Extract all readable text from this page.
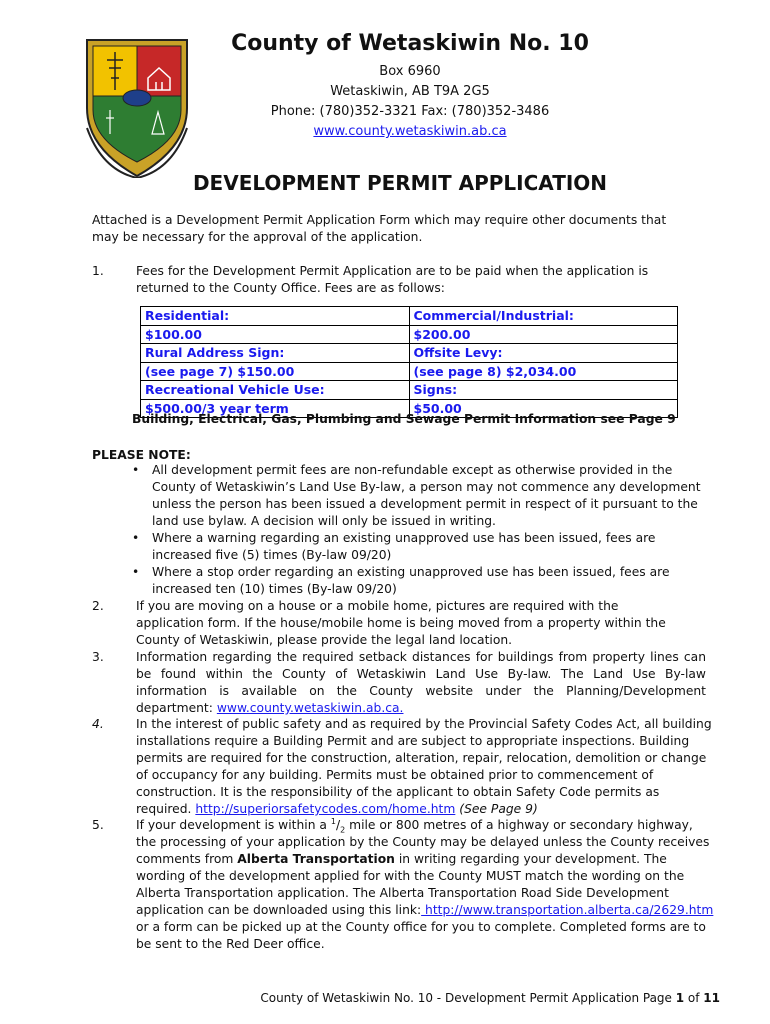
County of Wetaskiwin No. 10
Box 6960
Wetaskiwin, AB T9A 2G5
Phone: (780)352-3321 Fax: (780)352-3486
www.county.wetaskiwin.ab.ca
DEVELOPMENT PERMIT APPLICATION
Attached is a Development Permit Application Form which may require other documents that may be necessary for the approval of the application.
1.	Fees for the Development Permit Application are to be paid when the application is returned to the County Office. Fees are as follows:
Residential:	Commercial/Industrial:
$100.00	$200.00
Rural Address Sign:	Offsite Levy:
(see page 7) $150.00	(see page 8) $2,034.00
Recreational Vehicle Use:	Signs:
$500.00/3 year term	$50.00
Building, Electrical, Gas, Plumbing and Sewage Permit Information see Page 9
PLEASE NOTE:
• All development permit fees are non-refundable except as otherwise provided in the County of Wetaskiwin’s Land Use By-law, a person may not commence any development unless the person has been issued a development permit in respect of it pursuant to the land use bylaw. A decision will only be issued in writing.
• Where a warning regarding an existing unapproved use has been issued, fees are increased five (5) times (By-law 09/20)
• Where a stop order regarding an existing unapproved use has been issued, fees are increased ten (10) times (By-law 09/20)
2.	If you are moving on a house or a mobile home, pictures are required with the application form. If the house/mobile home is being moved from a property within the County of Wetaskiwin, please provide the legal land location.
3.	Information regarding the required setback distances for buildings from property lines can be found within the County of Wetaskiwin Land Use By-law. The Land Use By-law information is available on the County website under the Planning/Development department: www.county.wetaskiwin.ab.ca.
4.	In the interest of public safety and as required by the Provincial Safety Codes Act, all building installations require a Building Permit and are subject to appropriate inspections. Building permits are required for the construction, alteration, repair, relocation, demolition or change of occupancy for any building. Permits must be obtained prior to commencement of construction. It is the responsibility of the applicant to obtain Safety Code permits as required. http://superiorsafetycodes.com/home.htm (See Page 9)
5.	If your development is within a $^1/_2$ mile or 800 metres of a highway or secondary highway, the processing of your application by the County may be delayed unless the County receives comments from Alberta Transportation in writing regarding your development. The wording of the development applied for with the County MUST match the wording on the Alberta Transportation application. The Alberta Transportation Road Side Development application can be downloaded using this link: http://www.transportation.alberta.ca/2629.htm or a form can be picked up at the County office for you to complete. Completed forms are to be sent to the Red Deer office.
County of Wetaskiwin No. 10 - Development Permit Application Page 1 of 11
